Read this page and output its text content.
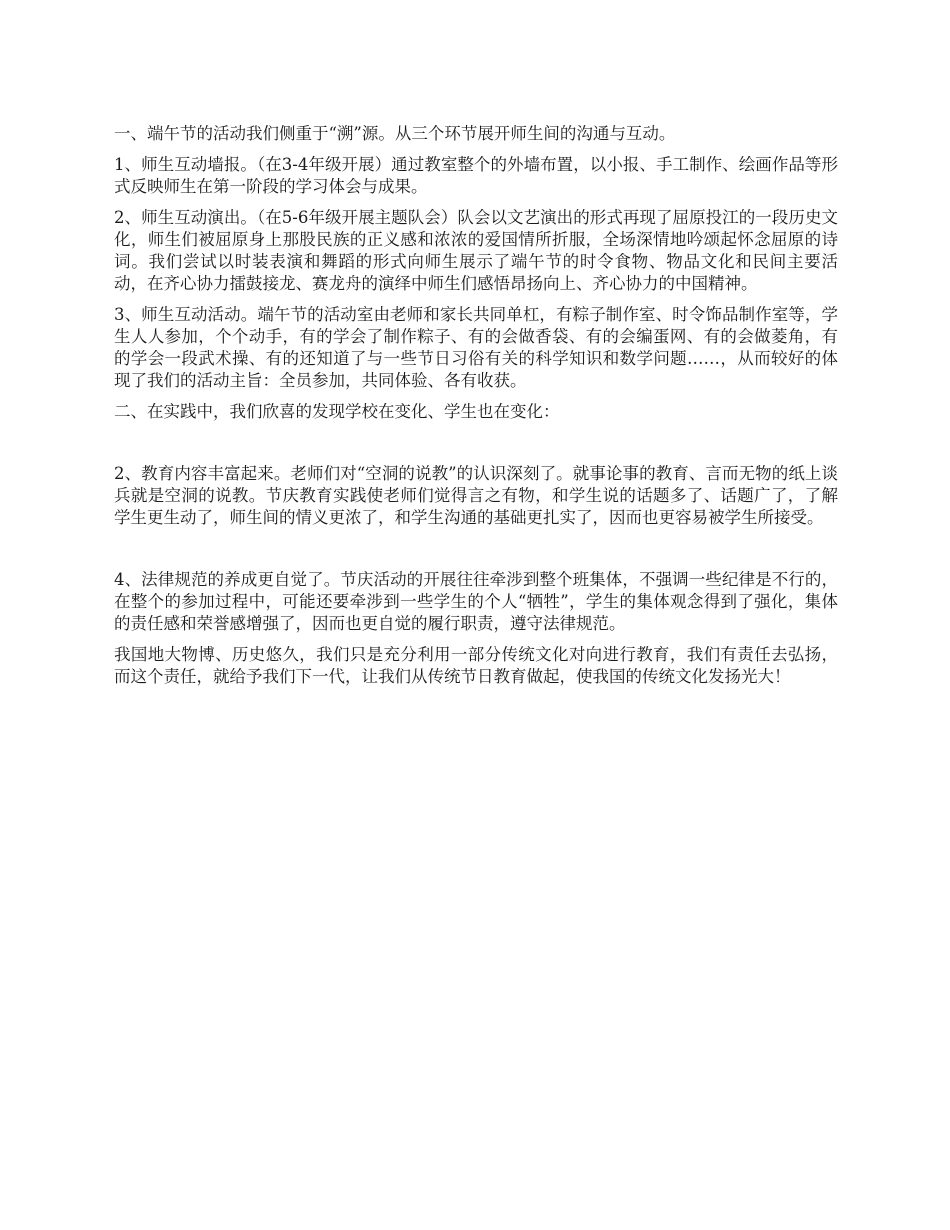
一、端午节的活动我们侧重于“溯”源。从三个环节展开师生间的沟通与互动。

1、师生互动墙报。（在3-4年级开展）通过教室整个的外墙布置，以小报、手工制作、绘画作品等形式反映师生在第一阶段的学习体会与成果。

2、师生互动演出。（在5-6年级开展主题队会）队会以文艺演出的形式再现了屈原投江的一段历史文化，师生们被屈原身上那股民族的正义感和浓浓的爱国情所折服，全场深情地吟颂起怀念屈原的诗词。我们尝试以时装表演和舞蹈的形式向师生展示了端午节的时令食物、物品文化和民间主要活动，在齐心协力擂鼓接龙、赛龙舟的演绎中师生们感悟昂扬向上、齐心协力的中国精神。

3、师生互动活动。端午节的活动室由老师和家长共同单杠，有粽子制作室、时令饰品制作室等，学生人人参加，个个动手，有的学会了制作粽子、有的会做香袋、有的会编蛋网、有的会做菱角，有的学会一段武术操、有的还知道了与一些节日习俗有关的科学知识和数学问题……，从而较好的体现了我们的活动主旨：全员参加，共同体验、各有收获。

二、在实践中，我们欣喜的发现学校在变化、学生也在变化：

2、教育内容丰富起来。老师们对“空洞的说教”的认识深刻了。就事论事的教育、言而无物的纸上谈兵就是空洞的说教。节庆教育实践使老师们觉得言之有物，和学生说的话题多了、话题广了，了解学生更生动了，师生间的情义更浓了，和学生沟通的基础更扎实了，因而也更容易被学生所接受。

4、法律规范的养成更自觉了。节庆活动的开展往往牵涉到整个班集体，不强调一些纪律是不行的，在整个的参加过程中，可能还要牵涉到一些学生的个人“牺牲”，学生的集体观念得到了强化，集体的责任感和荣誉感增强了，因而也更自觉的履行职责，遵守法律规范。

我国地大物博、历史悠久，我们只是充分利用一部分传统文化对向进行教育，我们有责任去弘扬，而这个责任，就给予我们下一代，让我们从传统节日教育做起，使我国的传统文化发扬光大！
